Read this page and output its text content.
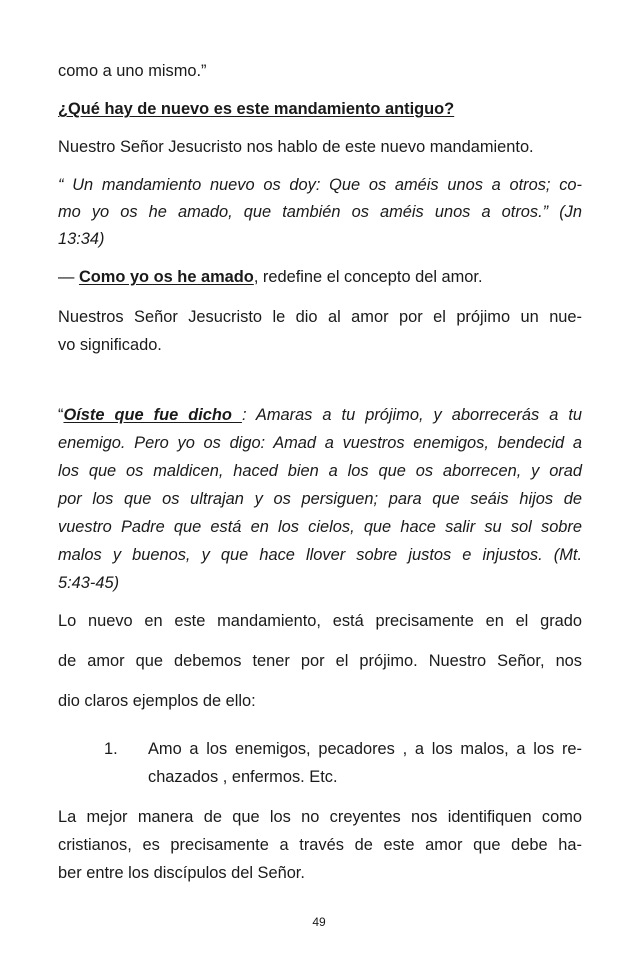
como a uno mismo.”
¿Qué hay de nuevo es este mandamiento antiguo?
Nuestro Señor Jesucristo nos hablo de este nuevo mandamiento.
“ Un mandamiento nuevo os doy: Que os améis unos a otros; co-
mo yo os he amado, que también os améis unos a otros.” (Jn
13:34)
— Como yo os he amado, redefine el concepto del amor.
Nuestros Señor Jesucristo le dio al amor por el prójimo un nue-
vo significado.
“Oíste que fue dicho : Amaras a tu prójimo, y aborrecerás a tu
enemigo. Pero yo os digo: Amad a vuestros enemigos, bendecid a
los que os maldicen, haced bien a los que os aborrecen, y orad
por los que os ultrajan y os persiguen; para que seáis hijos de
vuestro Padre que está en los cielos, que hace salir su sol sobre
malos y buenos, y que hace llover sobre justos e injustos. (Mt.
5:43-45)
Lo nuevo en este mandamiento, está precisamente en el grado
de amor que debemos tener por el prójimo. Nuestro Señor, nos
dio claros ejemplos de ello:
1. Amo a los enemigos, pecadores , a los malos, a los re-
chazados , enfermos. Etc.
La mejor manera de que los no creyentes nos identifiquen como
cristianos, es precisamente a través de este amor que debe ha-
ber entre los discípulos del Señor.
49
